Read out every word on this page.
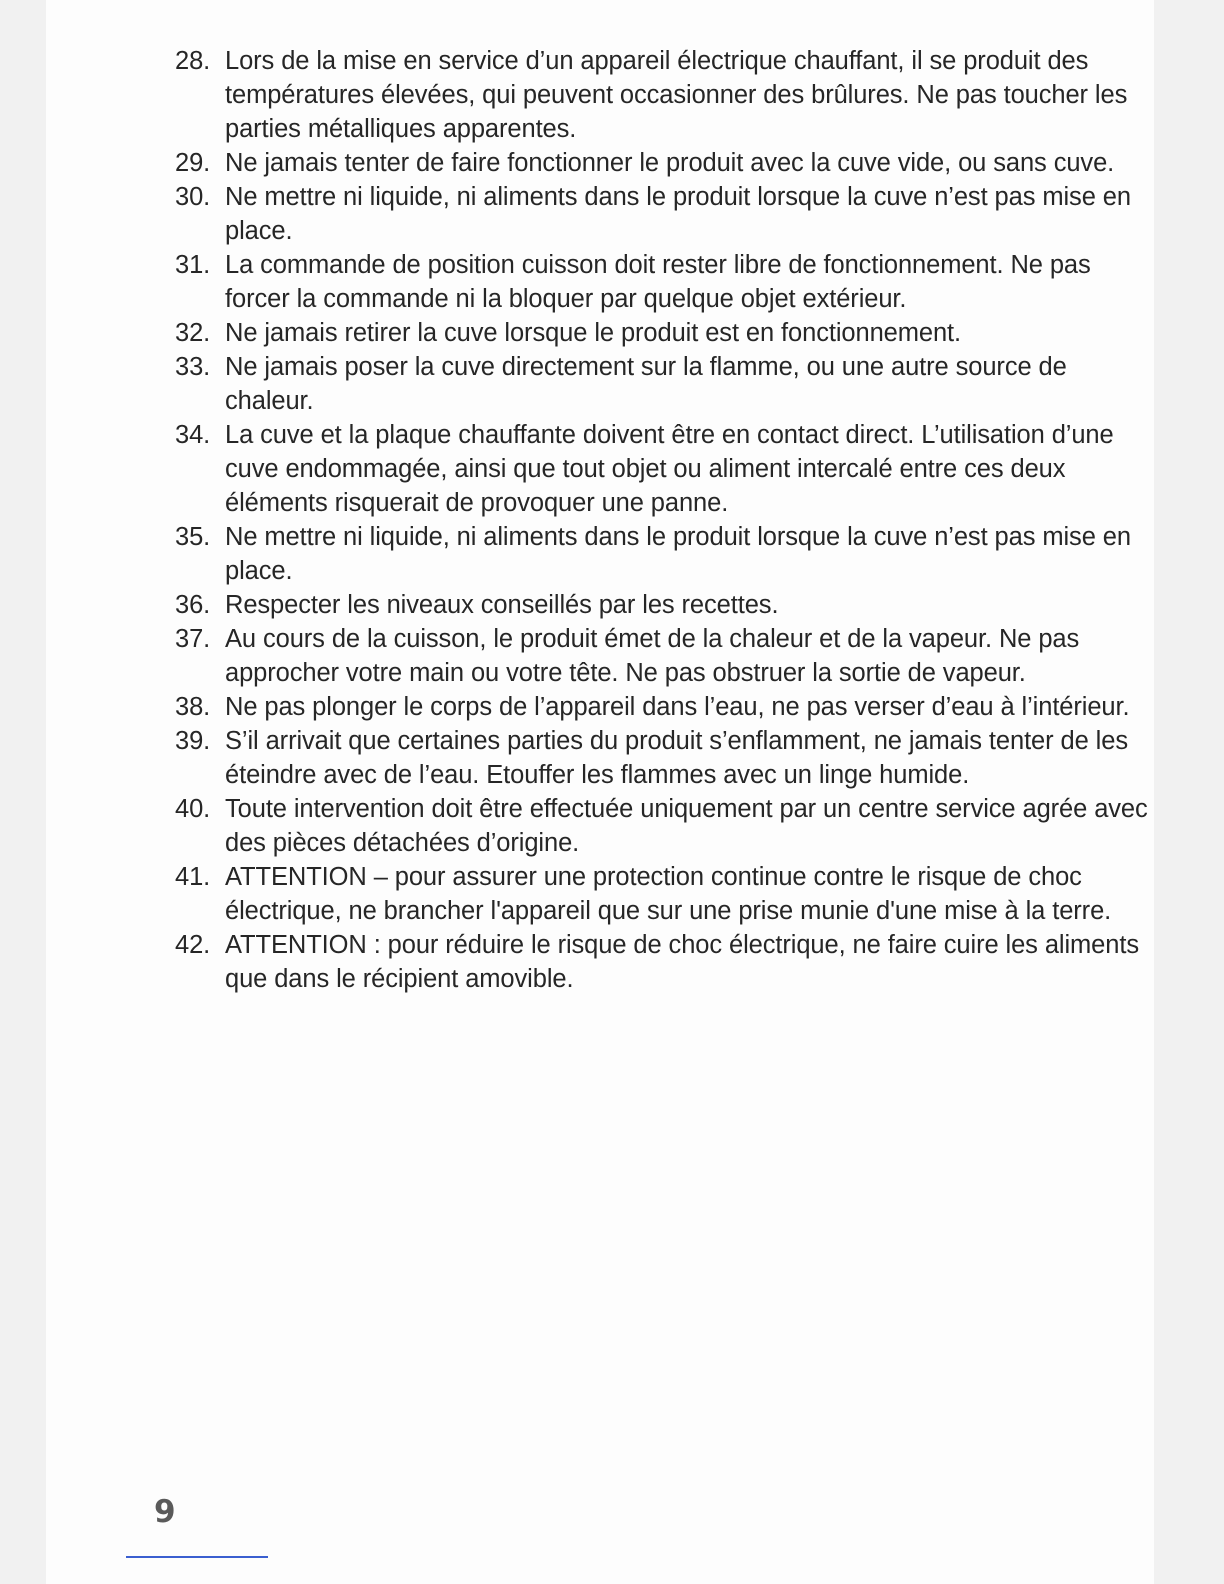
28. Lors de la mise en service d’un appareil électrique chauffant, il se produit des températures élevées, qui peuvent occasionner des brûlures. Ne pas toucher les parties métalliques apparentes.
29. Ne jamais tenter de faire fonctionner le produit avec la cuve vide, ou sans cuve.
30. Ne mettre ni liquide, ni aliments dans le produit lorsque la cuve n’est pas mise en place.
31. La commande de position cuisson doit rester libre de fonctionnement. Ne pas forcer la commande ni la bloquer par quelque objet extérieur.
32. Ne jamais retirer la cuve lorsque le produit est en fonctionnement.
33. Ne jamais poser la cuve directement sur la flamme, ou une autre source de chaleur.
34. La cuve et la plaque chauffante doivent être en contact direct. L’utilisation d’une cuve endommagée, ainsi que tout objet ou aliment intercalé entre ces deux éléments risquerait de provoquer une panne.
35. Ne mettre ni liquide, ni aliments dans le produit lorsque la cuve n’est pas mise en place.
36. Respecter les niveaux conseillés par les recettes.
37. Au cours de la cuisson, le produit émet de la chaleur et de la vapeur. Ne pas approcher votre main ou votre tête. Ne pas obstruer la sortie de vapeur.
38. Ne pas plonger le corps de l’appareil dans l’eau, ne pas verser d’eau à l’intérieur.
39. S’il arrivait que certaines parties du produit s’enflamment, ne jamais tenter de les éteindre avec de l’eau. Etouffer les flammes avec un linge humide.
40. Toute intervention doit être effectuée uniquement par un centre service agrée avec des pièces détachées d’origine.
41. ATTENTION – pour assurer une protection continue contre le risque de choc électrique, ne brancher l'appareil que sur une prise munie d'une mise à la terre.
42. ATTENTION : pour réduire le risque de choc électrique, ne faire cuire les aliments que dans le récipient amovible.
9
